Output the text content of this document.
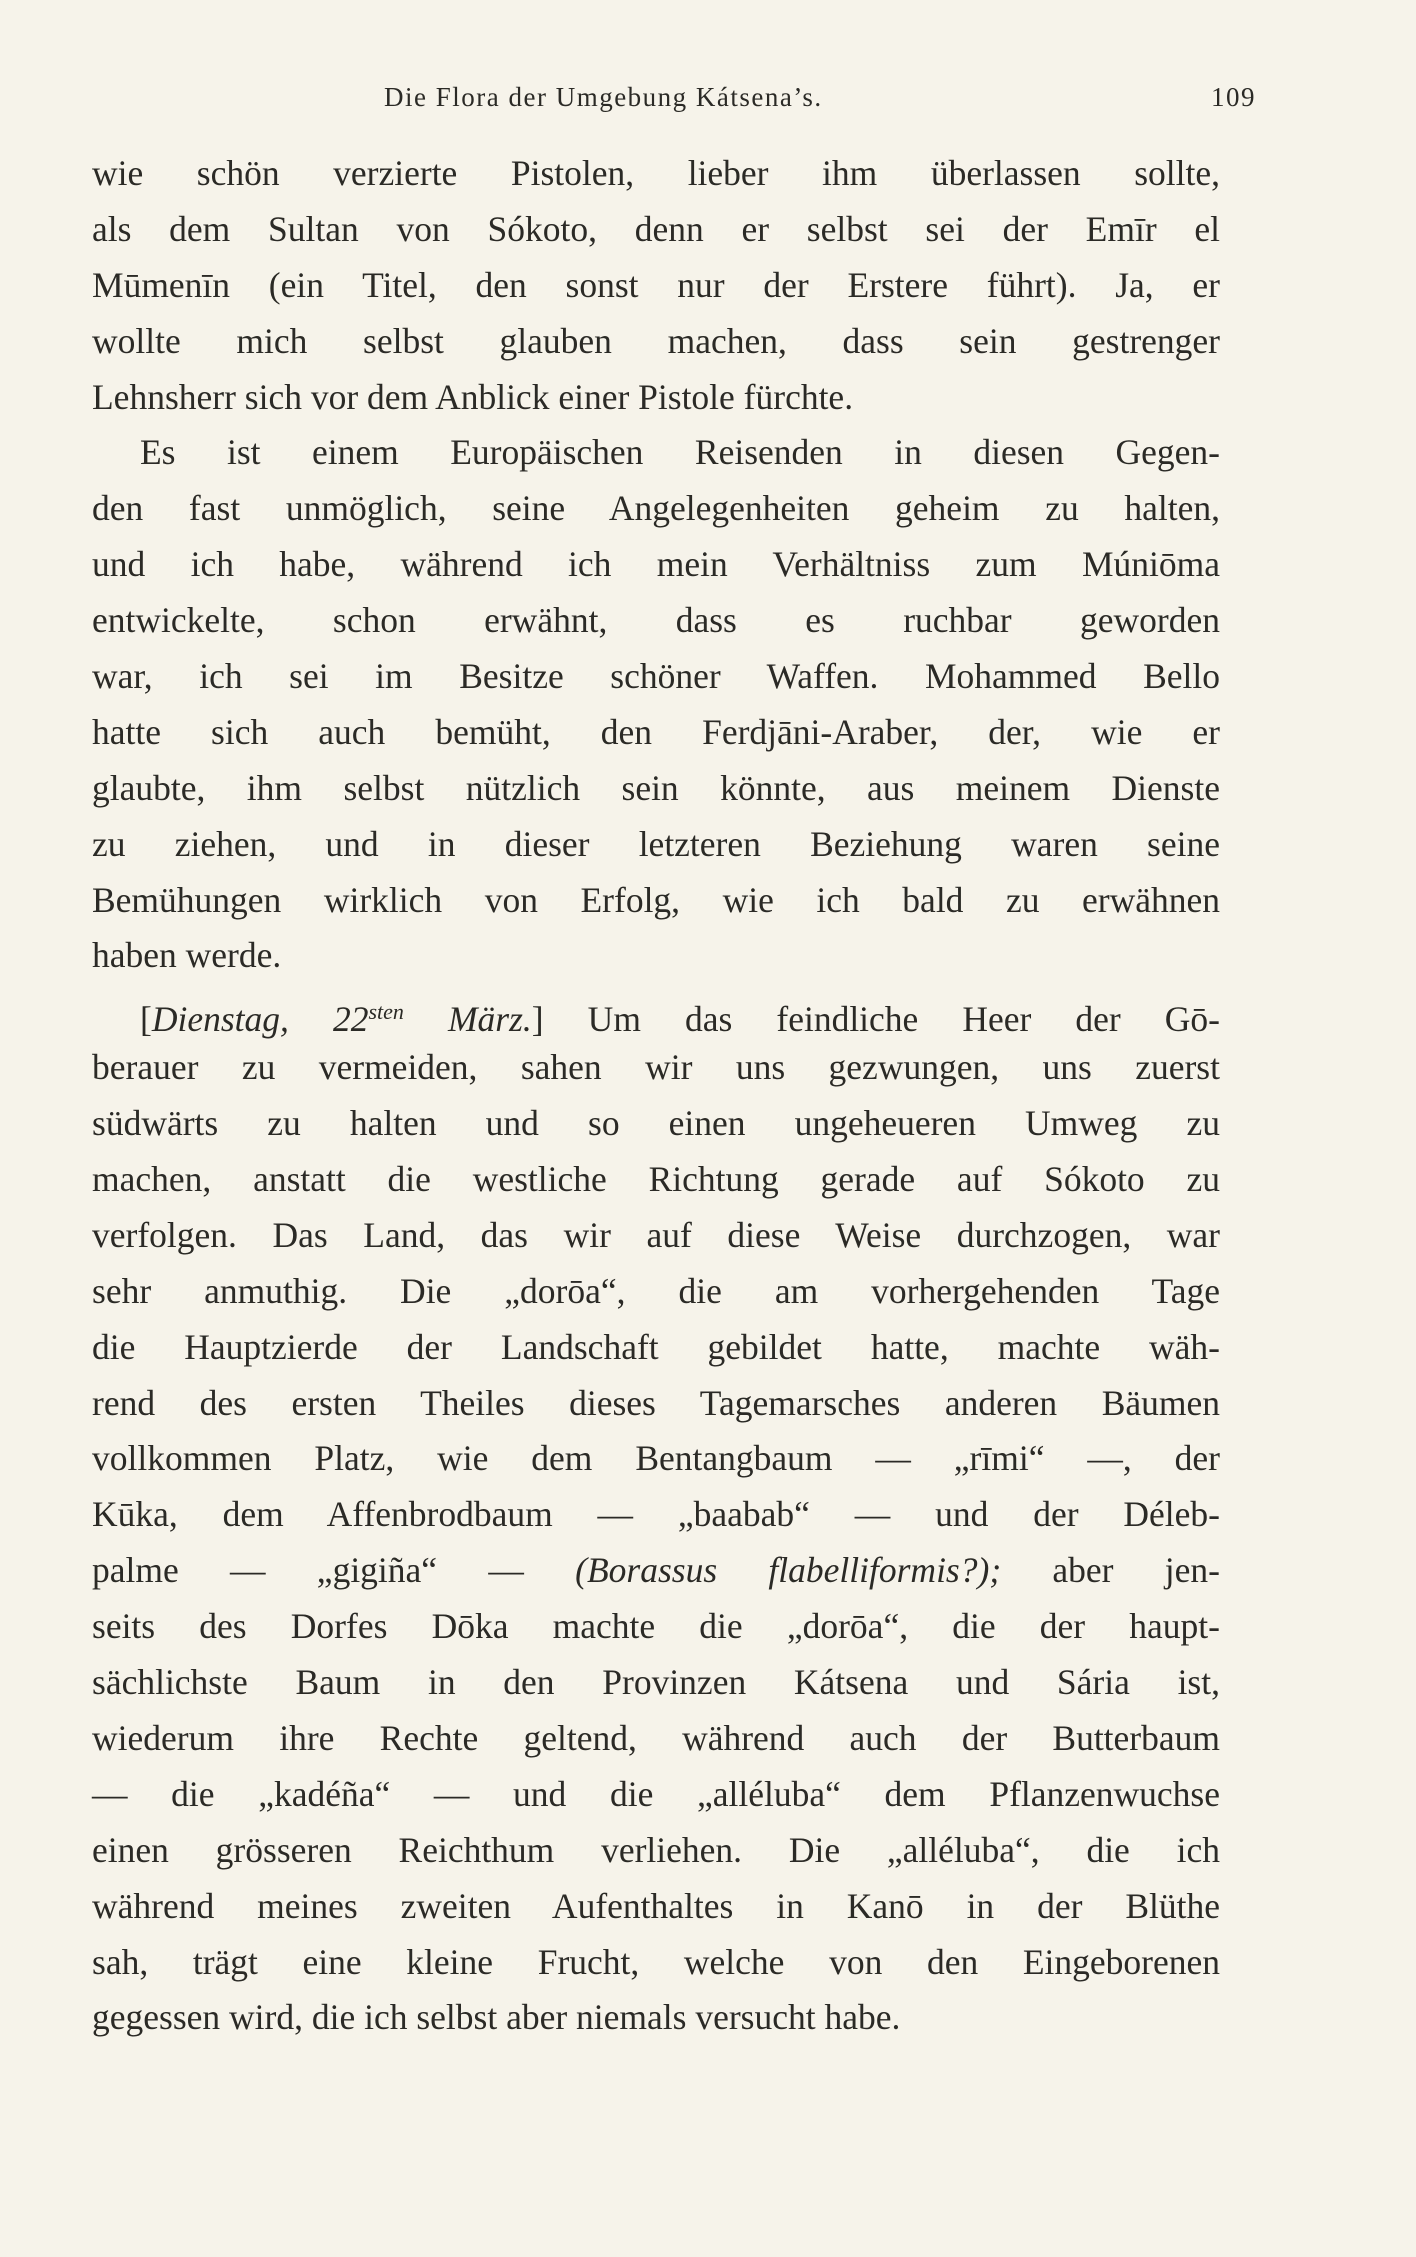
Die Flora der Umgebung Kátsena’s.	109
wie schön verzierte Pistolen, lieber ihm überlassen sollte,
als dem Sultan von Sókoto, denn er selbst sei der Emīr el
Mūmenīn (ein Titel, den sonst nur der Erstere führt). Ja, er
wollte mich selbst glauben machen, dass sein gestrenger
Lehnsherr sich vor dem Anblick einer Pistole fürchte.
Es ist einem Europäischen Reisenden in diesen Gegen-
den fast unmöglich, seine Angelegenheiten geheim zu halten,
und ich habe, während ich mein Verhältniss zum Múniōma
entwickelte, schon erwähnt, dass es ruchbar geworden
war, ich sei im Besitze schöner Waffen. Mohammed Bello
hatte sich auch bemüht, den Ferdjāni-Araber, der, wie er
glaubte, ihm selbst nützlich sein könnte, aus meinem Dienste
zu ziehen, und in dieser letzteren Beziehung waren seine
Bemühungen wirklich von Erfolg, wie ich bald zu erwähnen
haben werde.
[Dienstag, $22^{sten}$ März.] Um das feindliche Heer der Gō-
berauer zu vermeiden, sahen wir uns gezwungen, uns zuerst
südwärts zu halten und so einen ungeheueren Umweg zu
machen, anstatt die westliche Richtung gerade auf Sókoto zu
verfolgen. Das Land, das wir auf diese Weise durchzogen, war
sehr anmuthig. Die „dorōa“, die am vorhergehenden Tage
die Hauptzierde der Landschaft gebildet hatte, machte wäh-
rend des ersten Theiles dieses Tagemarsches anderen Bäumen
vollkommen Platz, wie dem Bentangbaum — „rīmi“ —, der
Kūka, dem Affenbrodbaum — „baabab“ — und der Déleb-
palme — „gigiña“ — (Borassus flabelliformis?); aber jen-
seits des Dorfes Dōka machte die „dorōa“, die der haupt-
sächlichste Baum in den Provinzen Kátsena und Sária ist,
wiederum ihre Rechte geltend, während auch der Butterbaum
— die „kadéña“ — und die „alléluba“ dem Pflanzenwuchse
einen grösseren Reichthum verliehen. Die „alléluba“, die ich
während meines zweiten Aufenthaltes in Kanō in der Blüthe
sah, trägt eine kleine Frucht, welche von den Eingeborenen
gegessen wird, die ich selbst aber niemals versucht habe.
